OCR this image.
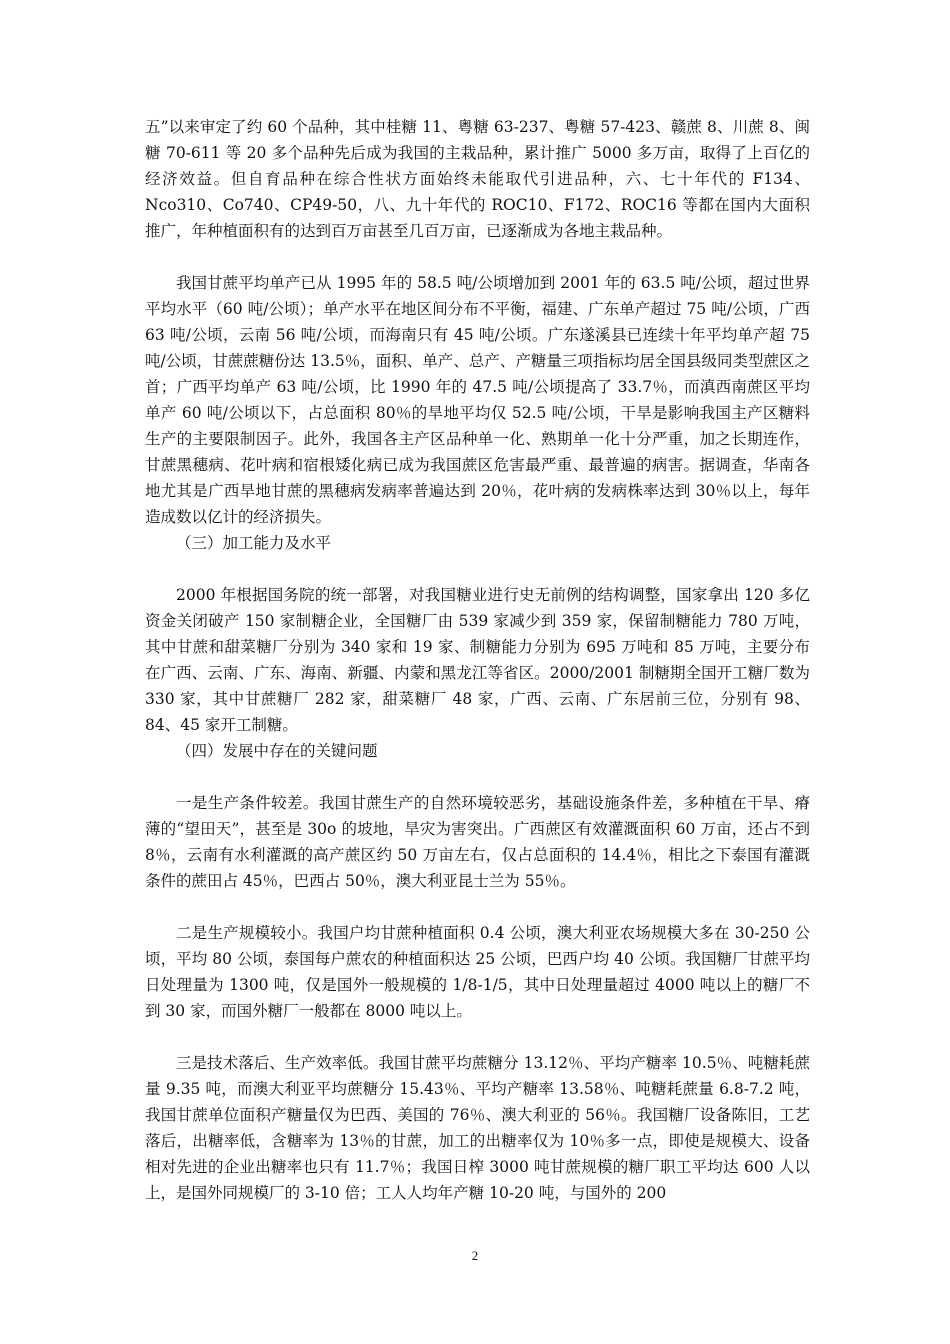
五”以来审定了约 60 个品种，其中桂糖 11、粤糖 63-237、粤糖 57-423、赣蔗 8、川蔗 8、闽糖 70-611 等 20 多个品种先后成为我国的主栽品种，累计推广 5000 多万亩，取得了上百亿的经济效益。但自育品种在综合性状方面始终未能取代引进品种，六、七十年代的 F134、Nco310、Co740、CP49-50，八、九十年代的 ROC10、F172、ROC16 等都在国内大面积推广，年种植面积有的达到百万亩甚至几百万亩，已逐渐成为各地主栽品种。

我国甘蔗平均单产已从 1995 年的 58.5 吨/公顷增加到 2001 年的 63.5 吨/公顷，超过世界平均水平（60 吨/公顷）；单产水平在地区间分布不平衡，福建、广东单产超过 75 吨/公顷，广西 63 吨/公顷，云南 56 吨/公顷，而海南只有 45 吨/公顷。广东遂溪县已连续十年平均单产超 75 吨/公顷，甘蔗蔗糖份达 13.5％，面积、单产、总产、产糖量三项指标均居全国县级同类型蔗区之首；广西平均单产 63 吨/公顷，比 1990 年的 47.5 吨/公顷提高了 33.7％，而滇西南蔗区平均单产 60 吨/公顷以下，占总面积 80％的旱地平均仅 52.5 吨/公顷，干旱是影响我国主产区糖料生产的主要限制因子。此外，我国各主产区品种单一化、熟期单一化十分严重，加之长期连作，甘蔗黑穗病、花叶病和宿根矮化病已成为我国蔗区危害最严重、最普遍的病害。据调查，华南各地尤其是广西旱地甘蔗的黑穗病发病率普遍达到 20％，花叶病的发病株率达到 30％以上，每年造成数以亿计的经济损失。

（三）加工能力及水平

2000 年根据国务院的统一部署，对我国糖业进行史无前例的结构调整，国家拿出 120 多亿资金关闭破产 150 家制糖企业，全国糖厂由 539 家减少到 359 家，保留制糖能力 780 万吨，其中甘蔗和甜菜糖厂分别为 340 家和 19 家、制糖能力分别为 695 万吨和 85 万吨，主要分布在广西、云南、广东、海南、新疆、内蒙和黑龙江等省区。2000/2001 制糖期全国开工糖厂数为 330 家，其中甘蔗糖厂 282 家，甜菜糖厂 48 家，广西、云南、广东居前三位，分别有 98、84、45 家开工制糖。

（四）发展中存在的关键问题

一是生产条件较差。我国甘蔗生产的自然环境较恶劣，基础设施条件差，多种植在干旱、瘠薄的“望田天”，甚至是 30o 的坡地，旱灾为害突出。广西蔗区有效灌溉面积 60 万亩，还占不到 8％，云南有水利灌溉的高产蔗区约 50 万亩左右，仅占总面积的 14.4％，相比之下泰国有灌溉条件的蔗田占 45％，巴西占 50％，澳大利亚昆士兰为 55％。

二是生产规模较小。我国户均甘蔗种植面积 0.4 公顷，澳大利亚农场规模大多在 30-250 公顷，平均 80 公顷，泰国每户蔗农的种植面积达 25 公顷，巴西户均 40 公顷。我国糖厂甘蔗平均日处理量为 1300 吨，仅是国外一般规模的 1/8-1/5，其中日处理量超过 4000 吨以上的糖厂不到 30 家，而国外糖厂一般都在 8000 吨以上。

三是技术落后、生产效率低。我国甘蔗平均蔗糖分 13.12％、平均产糖率 10.5％、吨糖耗蔗量 9.35 吨，而澳大利亚平均蔗糖分 15.43％、平均产糖率 13.58％、吨糖耗蔗量 6.8-7.2 吨，我国甘蔗单位面积产糖量仅为巴西、美国的 76％、澳大利亚的 56％。我国糖厂设备陈旧，工艺落后，出糖率低，含糖率为 13％的甘蔗，加工的出糖率仅为 10％多一点，即使是规模大、设备相对先进的企业出糖率也只有 11.7％；我国日榨 3000 吨甘蔗规模的糖厂职工平均达 600 人以上，是国外同规模厂的 3-10 倍；工人人均年产糖 10-20 吨，与国外的 200

2
